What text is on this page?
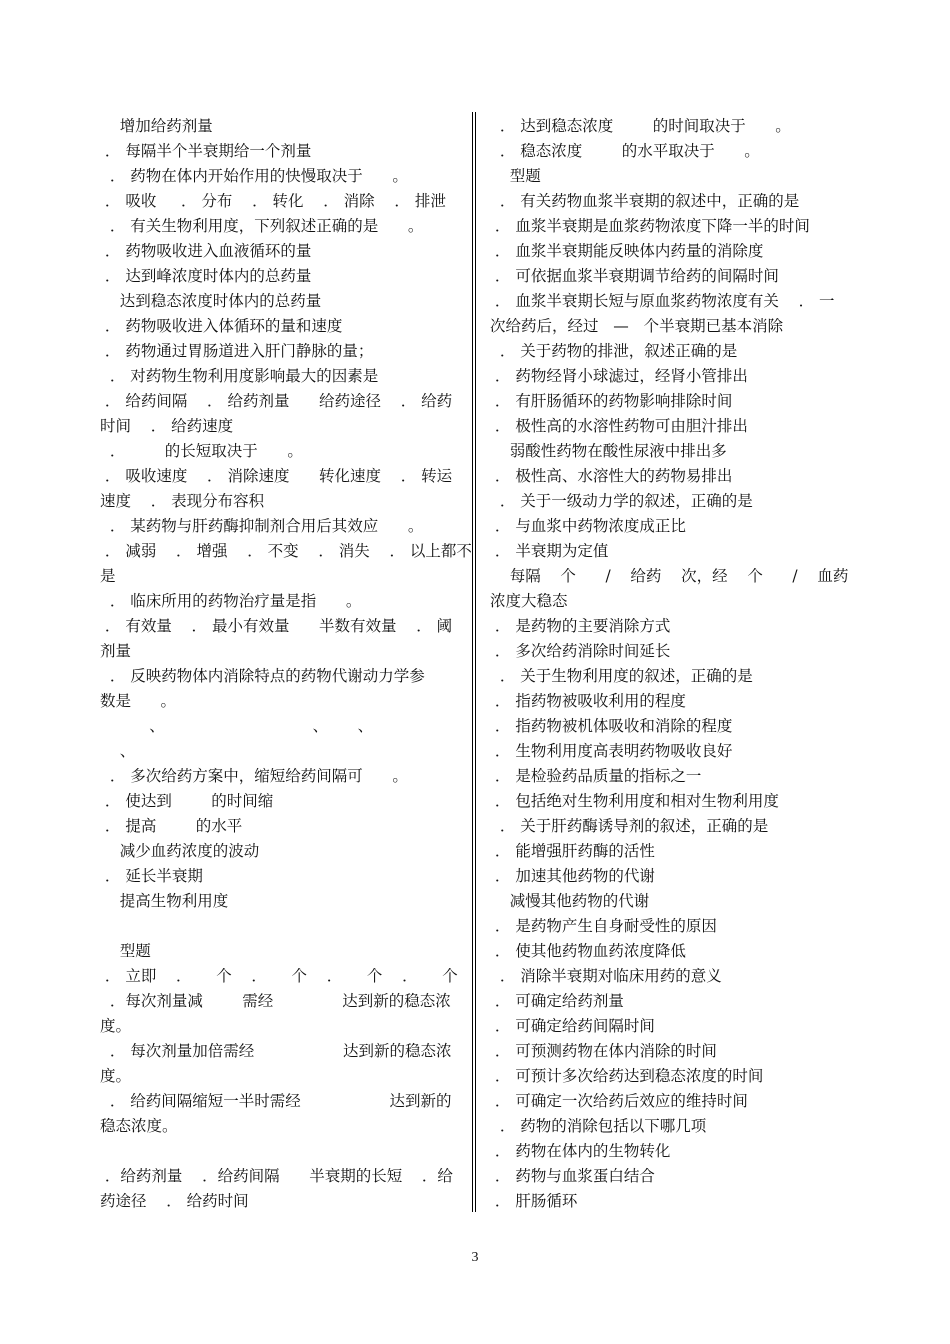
增加给药剂量
． 每隔半个半衰期给一个剂量
． 药物在体内开始作用的快慢取决于      。
． 吸收     ． 分布    ． 转化    ． 消除    ． 排泄
． 有关生物利用度，下列叙述正确的是      。
． 药物吸收进入血液循环的量
． 达到峰浓度时体内的总药量
达到稳态浓度时体内的总药量
． 药物吸收进入体循环的量和速度
． 药物通过胃肠道进入肝门静脉的量；
． 对药物生物利用度影响最大的因素是
． 给药间隔    ． 给药剂量      给药途径    ． 给药
时间    ． 给药速度
．        的长短取决于      。
． 吸收速度    ． 消除速度      转化速度    ． 转运
速度    ． 表现分布容积
． 某药物与肝药酶抑制剂合用后其效应      。
． 减弱    ． 增强    ． 不变    ． 消失    ． 以上都不
是
． 临床所用的药物治疗量是指      。
． 有效量    ． 最小有效量      半数有效量    ． 阈
剂量
． 反映药物体内消除特点的药物代谢动力学参
数是      。
、                              、      、
、
． 多次给药方案中，缩短给药间隔可      。
． 使达到        的时间缩
． 提高        的水平
减少血药浓度的波动
． 延长半衰期
提高生物利用度
型题
． 立即    ．     个    ．     个    ．     个    ．     个
．每次剂量减        需经              达到新的稳态浓
度。
． 每次剂量加倍需经                  达到新的稳态浓
度。
． 给药间隔缩短一半时需经                  达到新的
稳态浓度。
．给药剂量    ．给药间隔      半衰期的长短    ．给
药途径    ． 给药时间
． 达到稳态浓度        的时间取决于      。
． 稳态浓度        的水平取决于      。
型题
． 有关药物血浆半衰期的叙述中，正确的是
． 血浆半衰期是血浆药物浓度下降一半的时间
． 血浆半衰期能反映体内药量的消除度
． 可依据血浆半衰期调节给药的间隔时间
． 血浆半衰期长短与原血浆药物浓度有关    ． 一
次给药后，经过   —   个半衰期已基本消除
． 关于药物的排泄，叙述正确的是
． 药物经肾小球滤过，经肾小管排出
． 有肝肠循环的药物影响排除时间
． 极性高的水溶性药物可由胆汁排出
弱酸性药物在酸性尿液中排出多
． 极性高、水溶性大的药物易排出
． 关于一级动力学的叙述，正确的是
． 与血浆中药物浓度成正比
． 半衰期为定值
每隔    个      /    给药    次，经    个      /    血药
浓度大稳态
． 是药物的主要消除方式
． 多次给药消除时间延长
． 关于生物利用度的叙述，正确的是
． 指药物被吸收利用的程度
． 指药物被机体吸收和消除的程度
． 生物利用度高表明药物吸收良好
． 是检验药品质量的指标之一
． 包括绝对生物利用度和相对生物利用度
． 关于肝药酶诱导剂的叙述，正确的是
． 能增强肝药酶的活性
． 加速其他药物的代谢
减慢其他药物的代谢
． 是药物产生自身耐受性的原因
． 使其他药物血药浓度降低
． 消除半衰期对临床用药的意义
． 可确定给药剂量
． 可确定给药间隔时间
． 可预测药物在体内消除的时间
． 可预计多次给药达到稳态浓度的时间
． 可确定一次给药后效应的维持时间
． 药物的消除包括以下哪几项
． 药物在体内的生物转化
． 药物与血浆蛋白结合
． 肝肠循环
3
